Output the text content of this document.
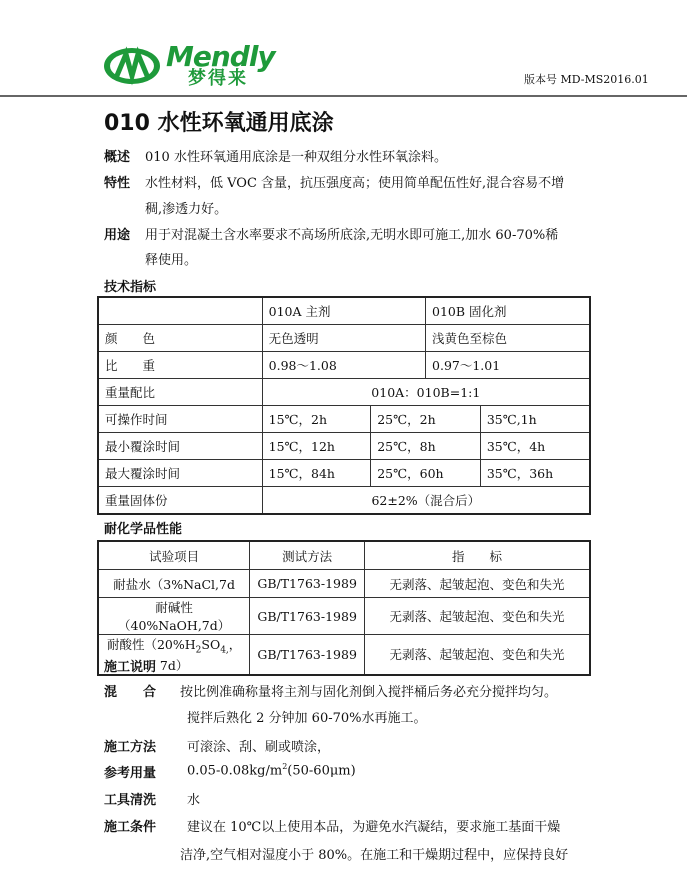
Mendly
梦得来	版本号 MD-MS2016.01
010 水性环氧通用底涂
概述 010 水性环氧通用底涂是一种双组分水性环氧涂料。
特性 水性材料，低 VOC 含量，抗压强度高；使用简单配伍性好,混合容易不增
稠,渗透力好。
用途 用于对混凝土含水率要求不高场所底涂,无明水即可施工,加水 60-70%稀
释使用。
技术指标
	010A 主剂		010B 固化剂	
颜　　色	无色透明		浅黄色至棕色	
比　　重	0.98～1.08		0.97～1.01	
重量配比	010A：010B=1:1			
可操作时间	15℃，2h	25℃，2h		35℃,1h
最小覆涂时间	15℃，12h	25℃，8h		35℃，4h
最大覆涂时间	15℃，84h	25℃，60h		35℃，36h
重量固体份	62±2%（混合后）			
耐化学品性能
试验项目	测试方法	指　　标
耐盐水（3%NaCl,7d	GB/T1763-1989	无剥落、起皱起泡、变色和失光
耐碱性（40%NaOH,7d）	GB/T1763-1989	无剥落、起皱起泡、变色和失光
耐酸性（$20\%H_2SO_{4,}$，7d）	GB/T1763-1989	无剥落、起皱起泡、变色和失光
施工说明
混　　合 按比例准确称量将主剂与固化剂倒入搅拌桶后务必充分搅拌均匀。
搅拌后熟化 2 分钟加 60-70%水再施工。
施工方法 可滚涂、刮、刷或喷涂，
参考用量 $0.05-0.08kg/m^2(50-60\mu m)$
工具清洗 水
施工条件 建议在 10℃以上使用本品，为避免水汽凝结，要求施工基面干燥
洁净,空气相对湿度小于 80%。在施工和干燥期过程中，应保持良好
